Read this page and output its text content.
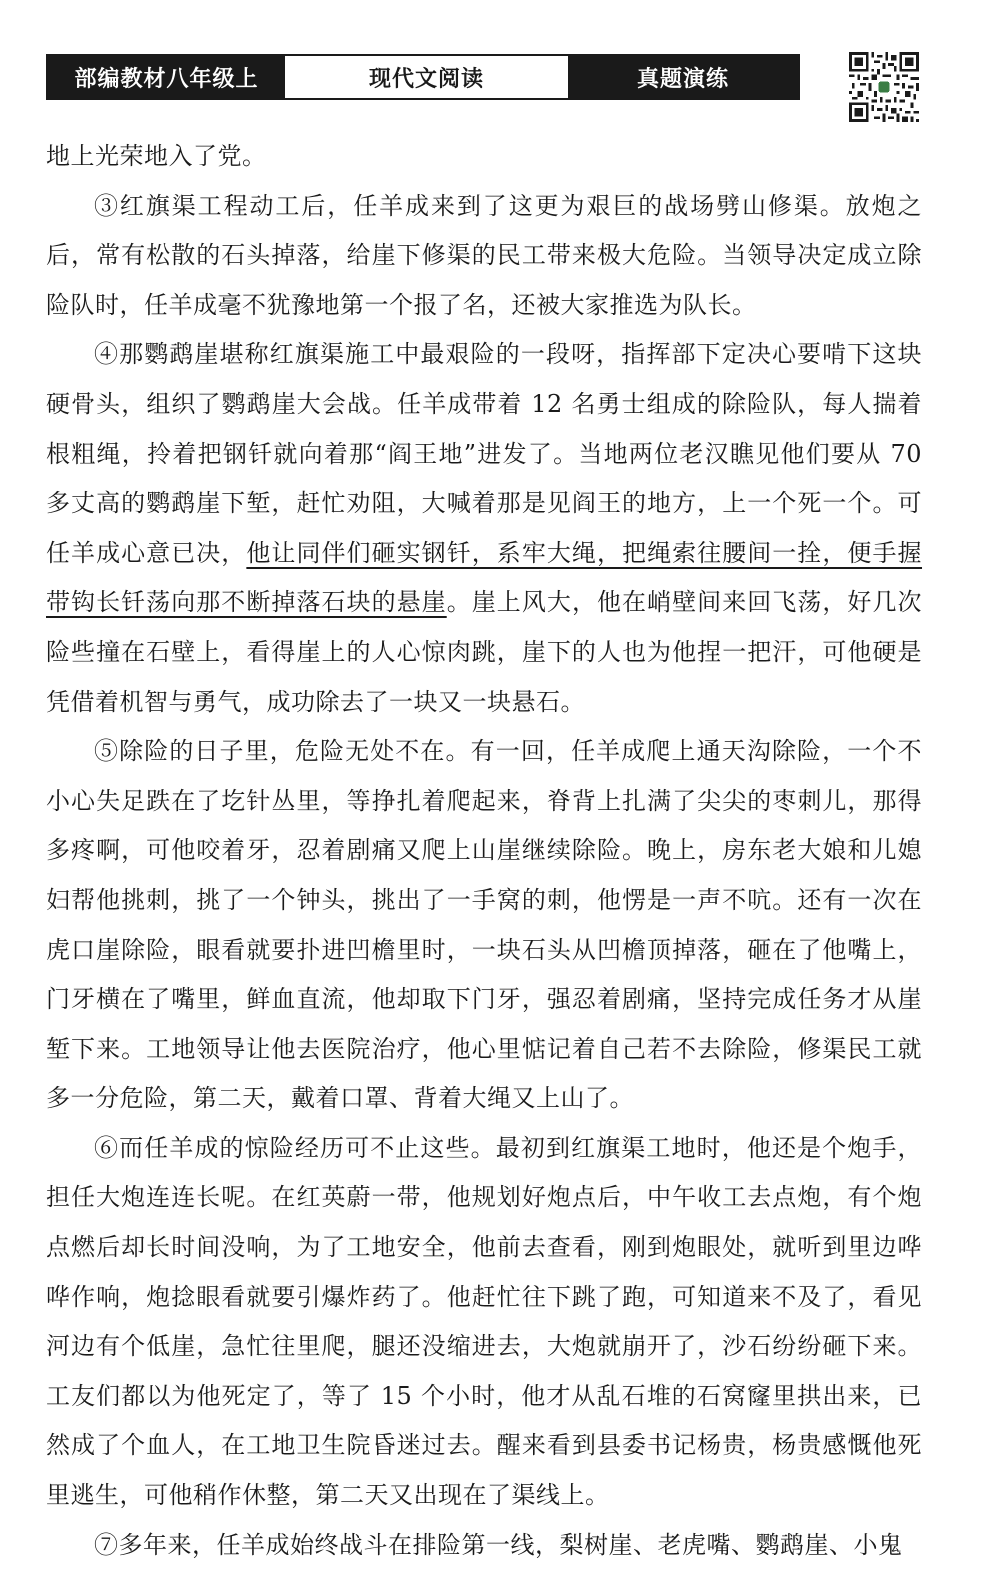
部编教材八年级上	现代文阅读	真题演练

地上光荣地入了党。

③红旗渠工程动工后，任羊成来到了这更为艰巨的战场劈山修渠。放炮之后，常有松散的石头掉落，给崖下修渠的民工带来极大危险。当领导决定成立除险队时，任羊成毫不犹豫地第一个报了名，还被大家推选为队长。

④那鹦鹉崖堪称红旗渠施工中最艰险的一段呀，指挥部下定决心要啃下这块硬骨头，组织了鹦鹉崖大会战。任羊成带着 12 名勇士组成的除险队，每人揣着根粗绳，拎着把钢钎就向着那“阎王地”进发了。当地两位老汉瞧见他们要从 70 多丈高的鹦鹉崖下堑，赶忙劝阻，大喊着那是见阎王的地方，上一个死一个。可任羊成心意已决，他让同伴们砸实钢钎，系牢大绳，把绳索往腰间一拴，便手握带钩长钎荡向那不断掉落石块的悬崖。崖上风大，他在峭壁间来回飞荡，好几次险些撞在石壁上，看得崖上的人心惊肉跳，崖下的人也为他捏一把汗，可他硬是凭借着机智与勇气，成功除去了一块又一块悬石。

⑤除险的日子里，危险无处不在。有一回，任羊成爬上通天沟除险，一个不小心失足跌在了圪针丛里，等挣扎着爬起来，脊背上扎满了尖尖的枣刺儿，那得多疼啊，可他咬着牙，忍着剧痛又爬上山崖继续除险。晚上，房东老大娘和儿媳妇帮他挑刺，挑了一个钟头，挑出了一手窝的刺，他愣是一声不吭。还有一次在虎口崖除险，眼看就要扑进凹檐里时，一块石头从凹檐顶掉落，砸在了他嘴上，门牙横在了嘴里，鲜血直流，他却取下门牙，强忍着剧痛，坚持完成任务才从崖堑下来。工地领导让他去医院治疗，他心里惦记着自己若不去除险，修渠民工就多一分危险，第二天，戴着口罩、背着大绳又上山了。

⑥而任羊成的惊险经历可不止这些。最初到红旗渠工地时，他还是个炮手，担任大炮连连长呢。在红英蔚一带，他规划好炮点后，中午收工去点炮，有个炮点燃后却长时间没响，为了工地安全，他前去查看，刚到炮眼处，就听到里边哗哗作响，炮捻眼看就要引爆炸药了。他赶忙往下跳了跑，可知道来不及了，看见河边有个低崖，急忙往里爬，腿还没缩进去，大炮就崩开了，沙石纷纷砸下来。工友们都以为他死定了，等了 15 个小时，他才从乱石堆的石窝窿里拱出来，已然成了个血人，在工地卫生院昏迷过去。醒来看到县委书记杨贵，杨贵感慨他死里逃生，可他稍作休整，第二天又出现在了渠线上。

⑦多年来，任羊成始终战斗在排险第一线，梨树崖、老虎嘴、鹦鹉崖、小鬼
